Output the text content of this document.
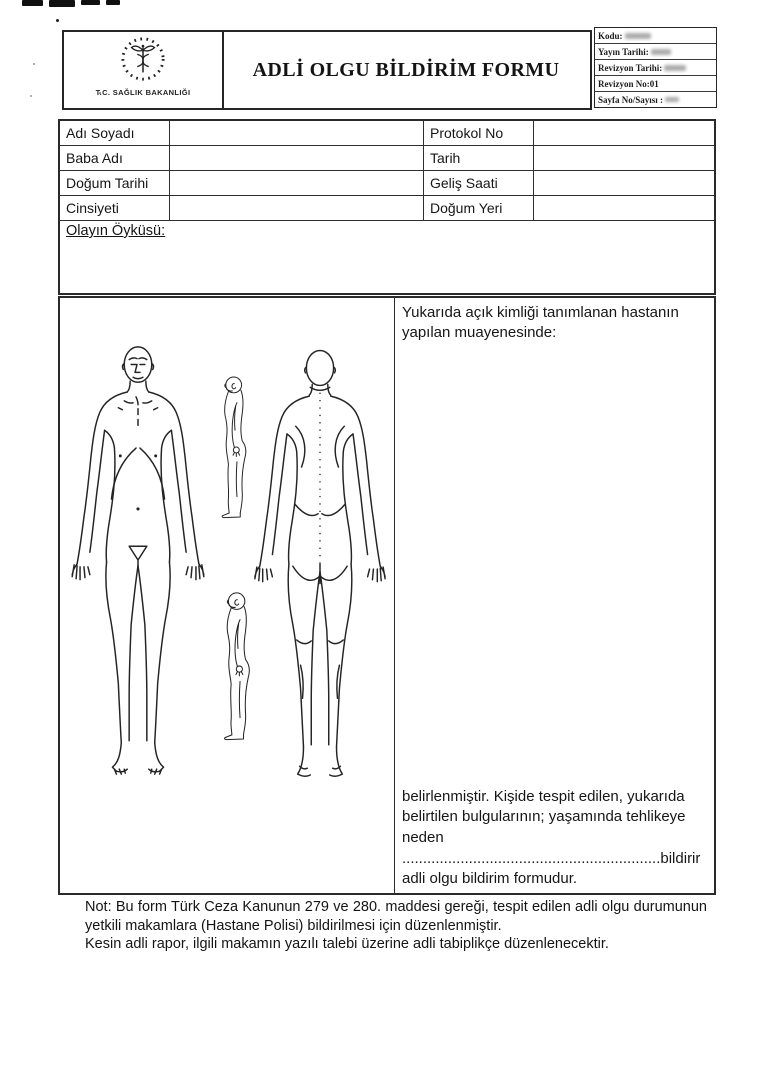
T.C. SAĞLIK BAKANLIĞI
ADLİ OLGU BİLDİRİM FORMU
Kodu:
Yayın Tarihi:
Revizyon Tarihi:
Revizyon No:01
Sayfa No/Sayısı :
Adı Soyadı	Protokol No
Baba Adı	Tarih
Doğum Tarihi	Geliş Saati
Cinsiyeti	Doğum Yeri
Olayın Öyküsü:

Yukarıda açık kimliği tanımlanan hastanın yapılan muayenesinde:

belirlenmiştir. Kişide tespit edilen, yukarıda belirtilen bulgularının; yaşamında tehlikeye neden ..............................................................bildirir adli olgu bildirim formudur.

Not: Bu form Türk Ceza Kanunun 279 ve 280. maddesi gereği, tespit edilen adli olgu durumunun yetkili makamlara (Hastane Polisi) bildirilmesi için düzenlenmiştir.

Kesin adli rapor, ilgili makamın yazılı talebi üzerine adli tabiplikçe düzenlenecektir.
